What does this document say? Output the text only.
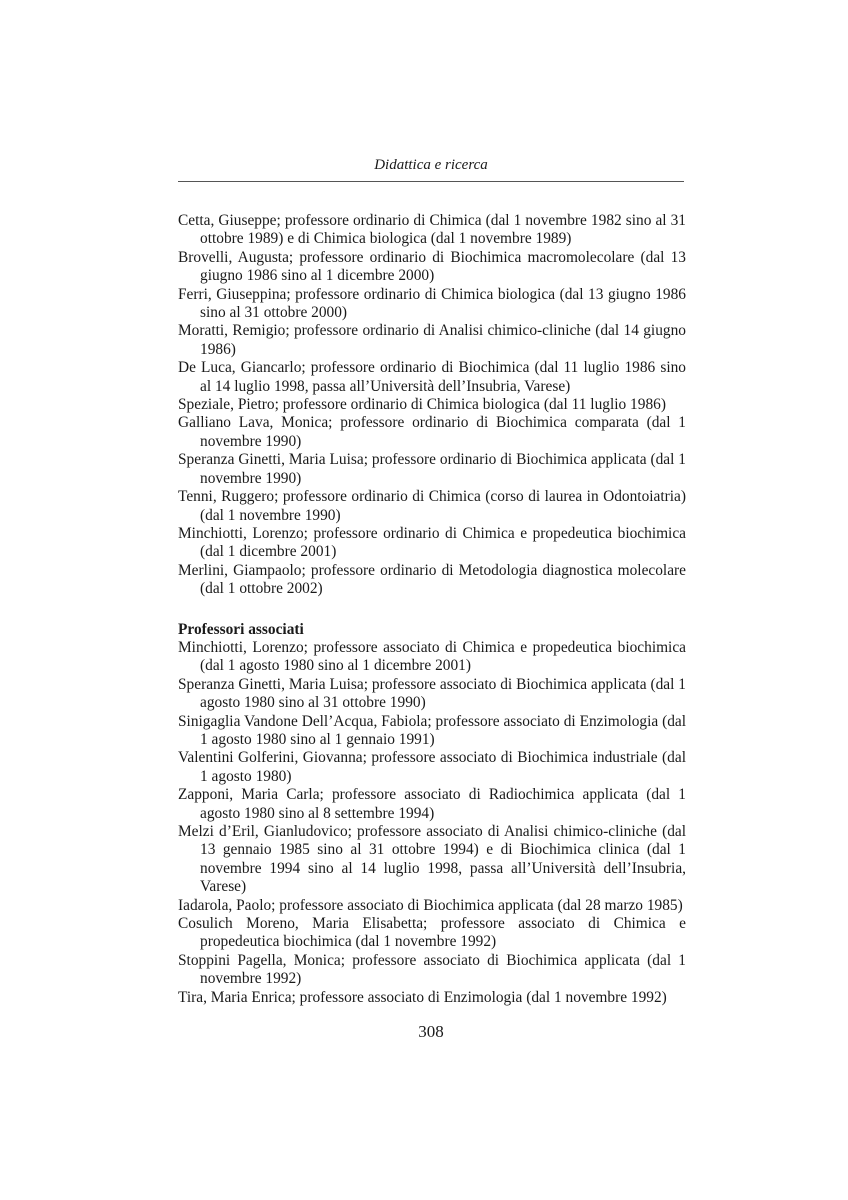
Didattica e ricerca

Cetta, Giuseppe; professore ordinario di Chimica (dal 1 novembre 1982 sino al 31 ottobre 1989) e di Chimica biologica (dal 1 novembre 1989)

Brovelli, Augusta; professore ordinario di Biochimica macromolecolare (dal 13 giugno 1986 sino al 1 dicembre 2000)

Ferri, Giuseppina; professore ordinario di Chimica biologica (dal 13 giugno 1986 sino al 31 ottobre 2000)

Moratti, Remigio; professore ordinario di Analisi chimico-cliniche (dal 14 giugno 1986)

De Luca, Giancarlo; professore ordinario di Biochimica (dal 11 luglio 1986 sino al 14 luglio 1998, passa all’Università dell’Insubria, Varese)

Speziale, Pietro; professore ordinario di Chimica biologica (dal 11 luglio 1986)

Galliano Lava, Monica; professore ordinario di Biochimica comparata (dal 1 novembre 1990)

Speranza Ginetti, Maria Luisa; professore ordinario di Biochimica applicata (dal 1 novembre 1990)

Tenni, Ruggero; professore ordinario di Chimica (corso di laurea in Odontoiatria) (dal 1 novembre 1990)

Minchiotti, Lorenzo; professore ordinario di Chimica e propedeutica biochimica (dal 1 dicembre 2001)

Merlini, Giampaolo; professore ordinario di Metodologia diagnostica molecolare (dal 1 ottobre 2002)

Professori associati

Minchiotti, Lorenzo; professore associato di Chimica e propedeutica biochimica (dal 1 agosto 1980 sino al 1 dicembre 2001)

Speranza Ginetti, Maria Luisa; professore associato di Biochimica applicata (dal 1 agosto 1980 sino al 31 ottobre 1990)

Sinigaglia Vandone Dell’Acqua, Fabiola; professore associato di Enzimologia (dal 1 agosto 1980 sino al 1 gennaio 1991)

Valentini Golferini, Giovanna; professore associato di Biochimica industriale (dal 1 agosto 1980)

Zapponi, Maria Carla; professore associato di Radiochimica applicata (dal 1 agosto 1980 sino al 8 settembre 1994)

Melzi d’Eril, Gianludovico; professore associato di Analisi chimico-cliniche (dal 13 gennaio 1985 sino al 31 ottobre 1994) e di Biochimica clinica (dal 1 novembre 1994 sino al 14 luglio 1998, passa all’Università dell’Insubria, Varese)

Iadarola, Paolo; professore associato di Biochimica applicata (dal 28 marzo 1985)

Cosulich Moreno, Maria Elisabetta; professore associato di Chimica e propedeutica biochimica (dal 1 novembre 1992)

Stoppini Pagella, Monica; professore associato di Biochimica applicata (dal 1 novembre 1992)

Tira, Maria Enrica; professore associato di Enzimologia (dal 1 novembre 1992)

308
